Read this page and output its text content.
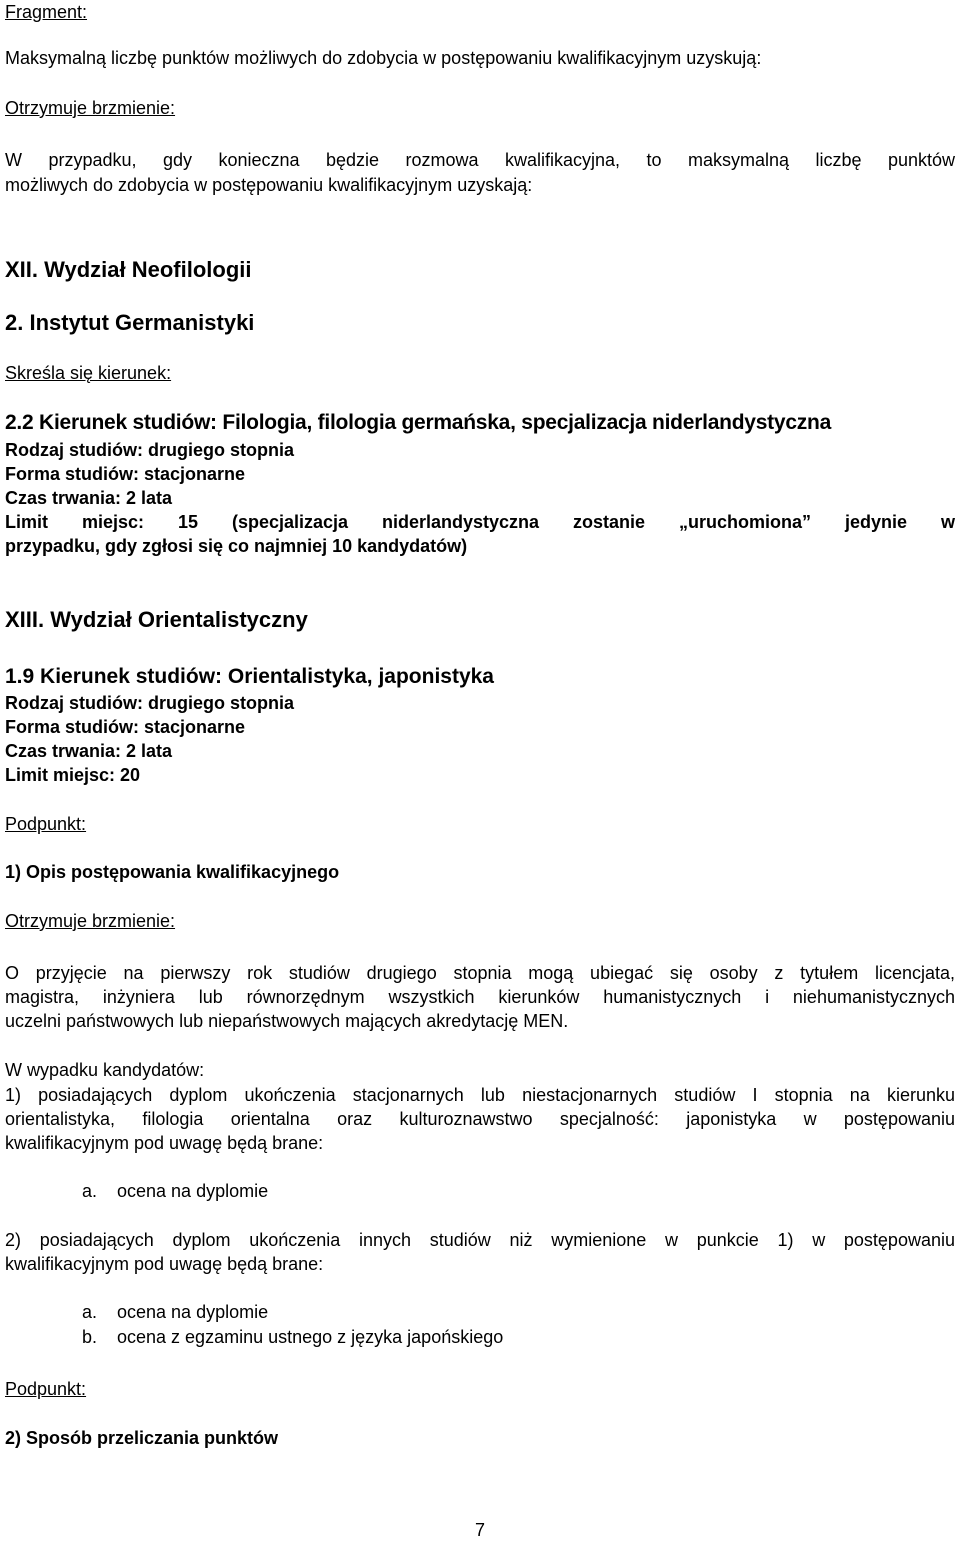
Fragment:

Maksymalną liczbę punktów możliwych do zdobycia w postępowaniu kwalifikacyjnym uzyskują:

Otrzymuje brzmienie:

W przypadku, gdy konieczna będzie rozmowa kwalifikacyjna, to maksymalną liczbę punktów

możliwych do zdobycia w postępowaniu kwalifikacyjnym uzyskają:

XII. Wydział Neofilologii

2. Instytut Germanistyki

Skreśla się kierunek:

2.2 Kierunek studiów: Filologia, filologia germańska, specjalizacja niderlandystyczna

Rodzaj studiów: drugiego stopnia

Forma studiów: stacjonarne

Czas trwania: 2 lata

Limit miejsc: 15 (specjalizacja niderlandystyczna zostanie „uruchomiona” jedynie w

przypadku, gdy zgłosi się co najmniej 10 kandydatów)

XIII. Wydział Orientalistyczny

1.9 Kierunek studiów: Orientalistyka, japonistyka

Rodzaj studiów: drugiego stopnia

Forma studiów: stacjonarne

Czas trwania: 2 lata

Limit miejsc: 20

Podpunkt:

1) Opis postępowania kwalifikacyjnego

Otrzymuje brzmienie:

O przyjęcie na pierwszy rok studiów drugiego stopnia mogą ubiegać się osoby z tytułem licencjata,

magistra, inżyniera lub równorzędnym wszystkich kierunków humanistycznych i niehumanistycznych

uczelni państwowych lub niepaństwowych mających akredytację MEN.

W wypadku kandydatów:

1) posiadających dyplom ukończenia stacjonarnych lub niestacjonarnych studiów I stopnia na kierunku

orientalistyka, filologia orientalna oraz kulturoznawstwo specjalność: japonistyka w postępowaniu

kwalifikacyjnym pod uwagę będą brane:

a. ocena na dyplomie

2) posiadających dyplom ukończenia innych studiów niż wymienione w punkcie 1) w postępowaniu

kwalifikacyjnym pod uwagę będą brane:

a. ocena na dyplomie

b. ocena z egzaminu ustnego z języka japońskiego

Podpunkt:

2) Sposób przeliczania punktów

7
